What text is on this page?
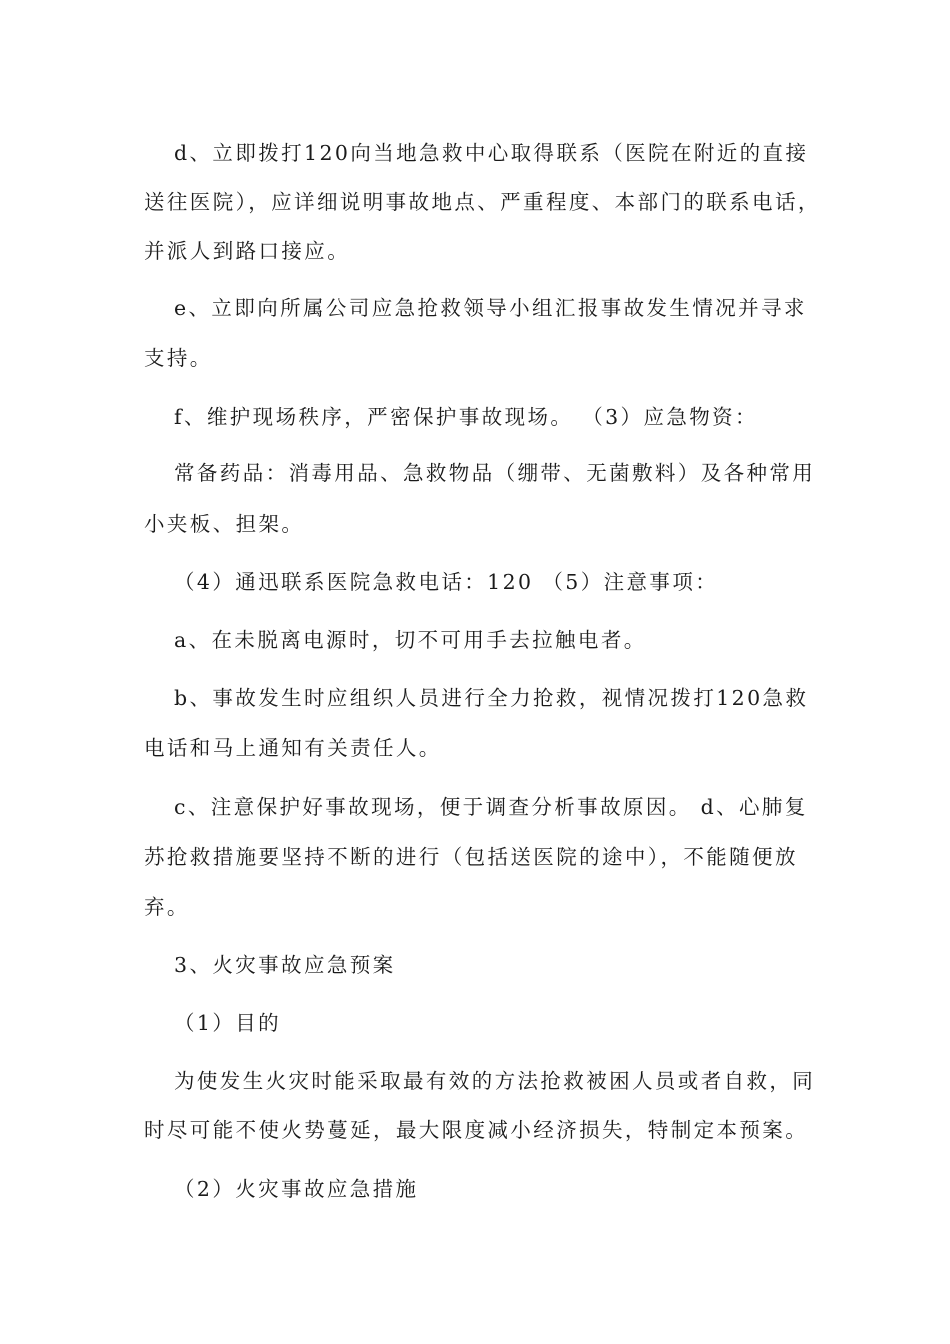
d、立即拨打120向当地急救中心取得联系（医院在附近的直接
送往医院），应详细说明事故地点、严重程度、本部门的联系电话，
并派人到路口接应。
e、立即向所属公司应急抢救领导小组汇报事故发生情况并寻求
支持。
f、维护现场秩序，严密保护事故现场。 （3）应急物资：
常备药品：消毒用品、急救物品（绷带、无菌敷料）及各种常用
小夹板、担架。
（4）通迅联系医院急救电话：120 （5）注意事项：
a、在未脱离电源时，切不可用手去拉触电者。
b、事故发生时应组织人员进行全力抢救，视情况拨打120急救
电话和马上通知有关责任人。
c、注意保护好事故现场，便于调查分析事故原因。 d、心肺复
苏抢救措施要坚持不断的进行（包括送医院的途中），不能随便放
弃。
3、火灾事故应急预案
（1）目的
为使发生火灾时能采取最有效的方法抢救被困人员或者自救，同
时尽可能不使火势蔓延，最大限度减小经济损失，特制定本预案。
（2）火灾事故应急措施
